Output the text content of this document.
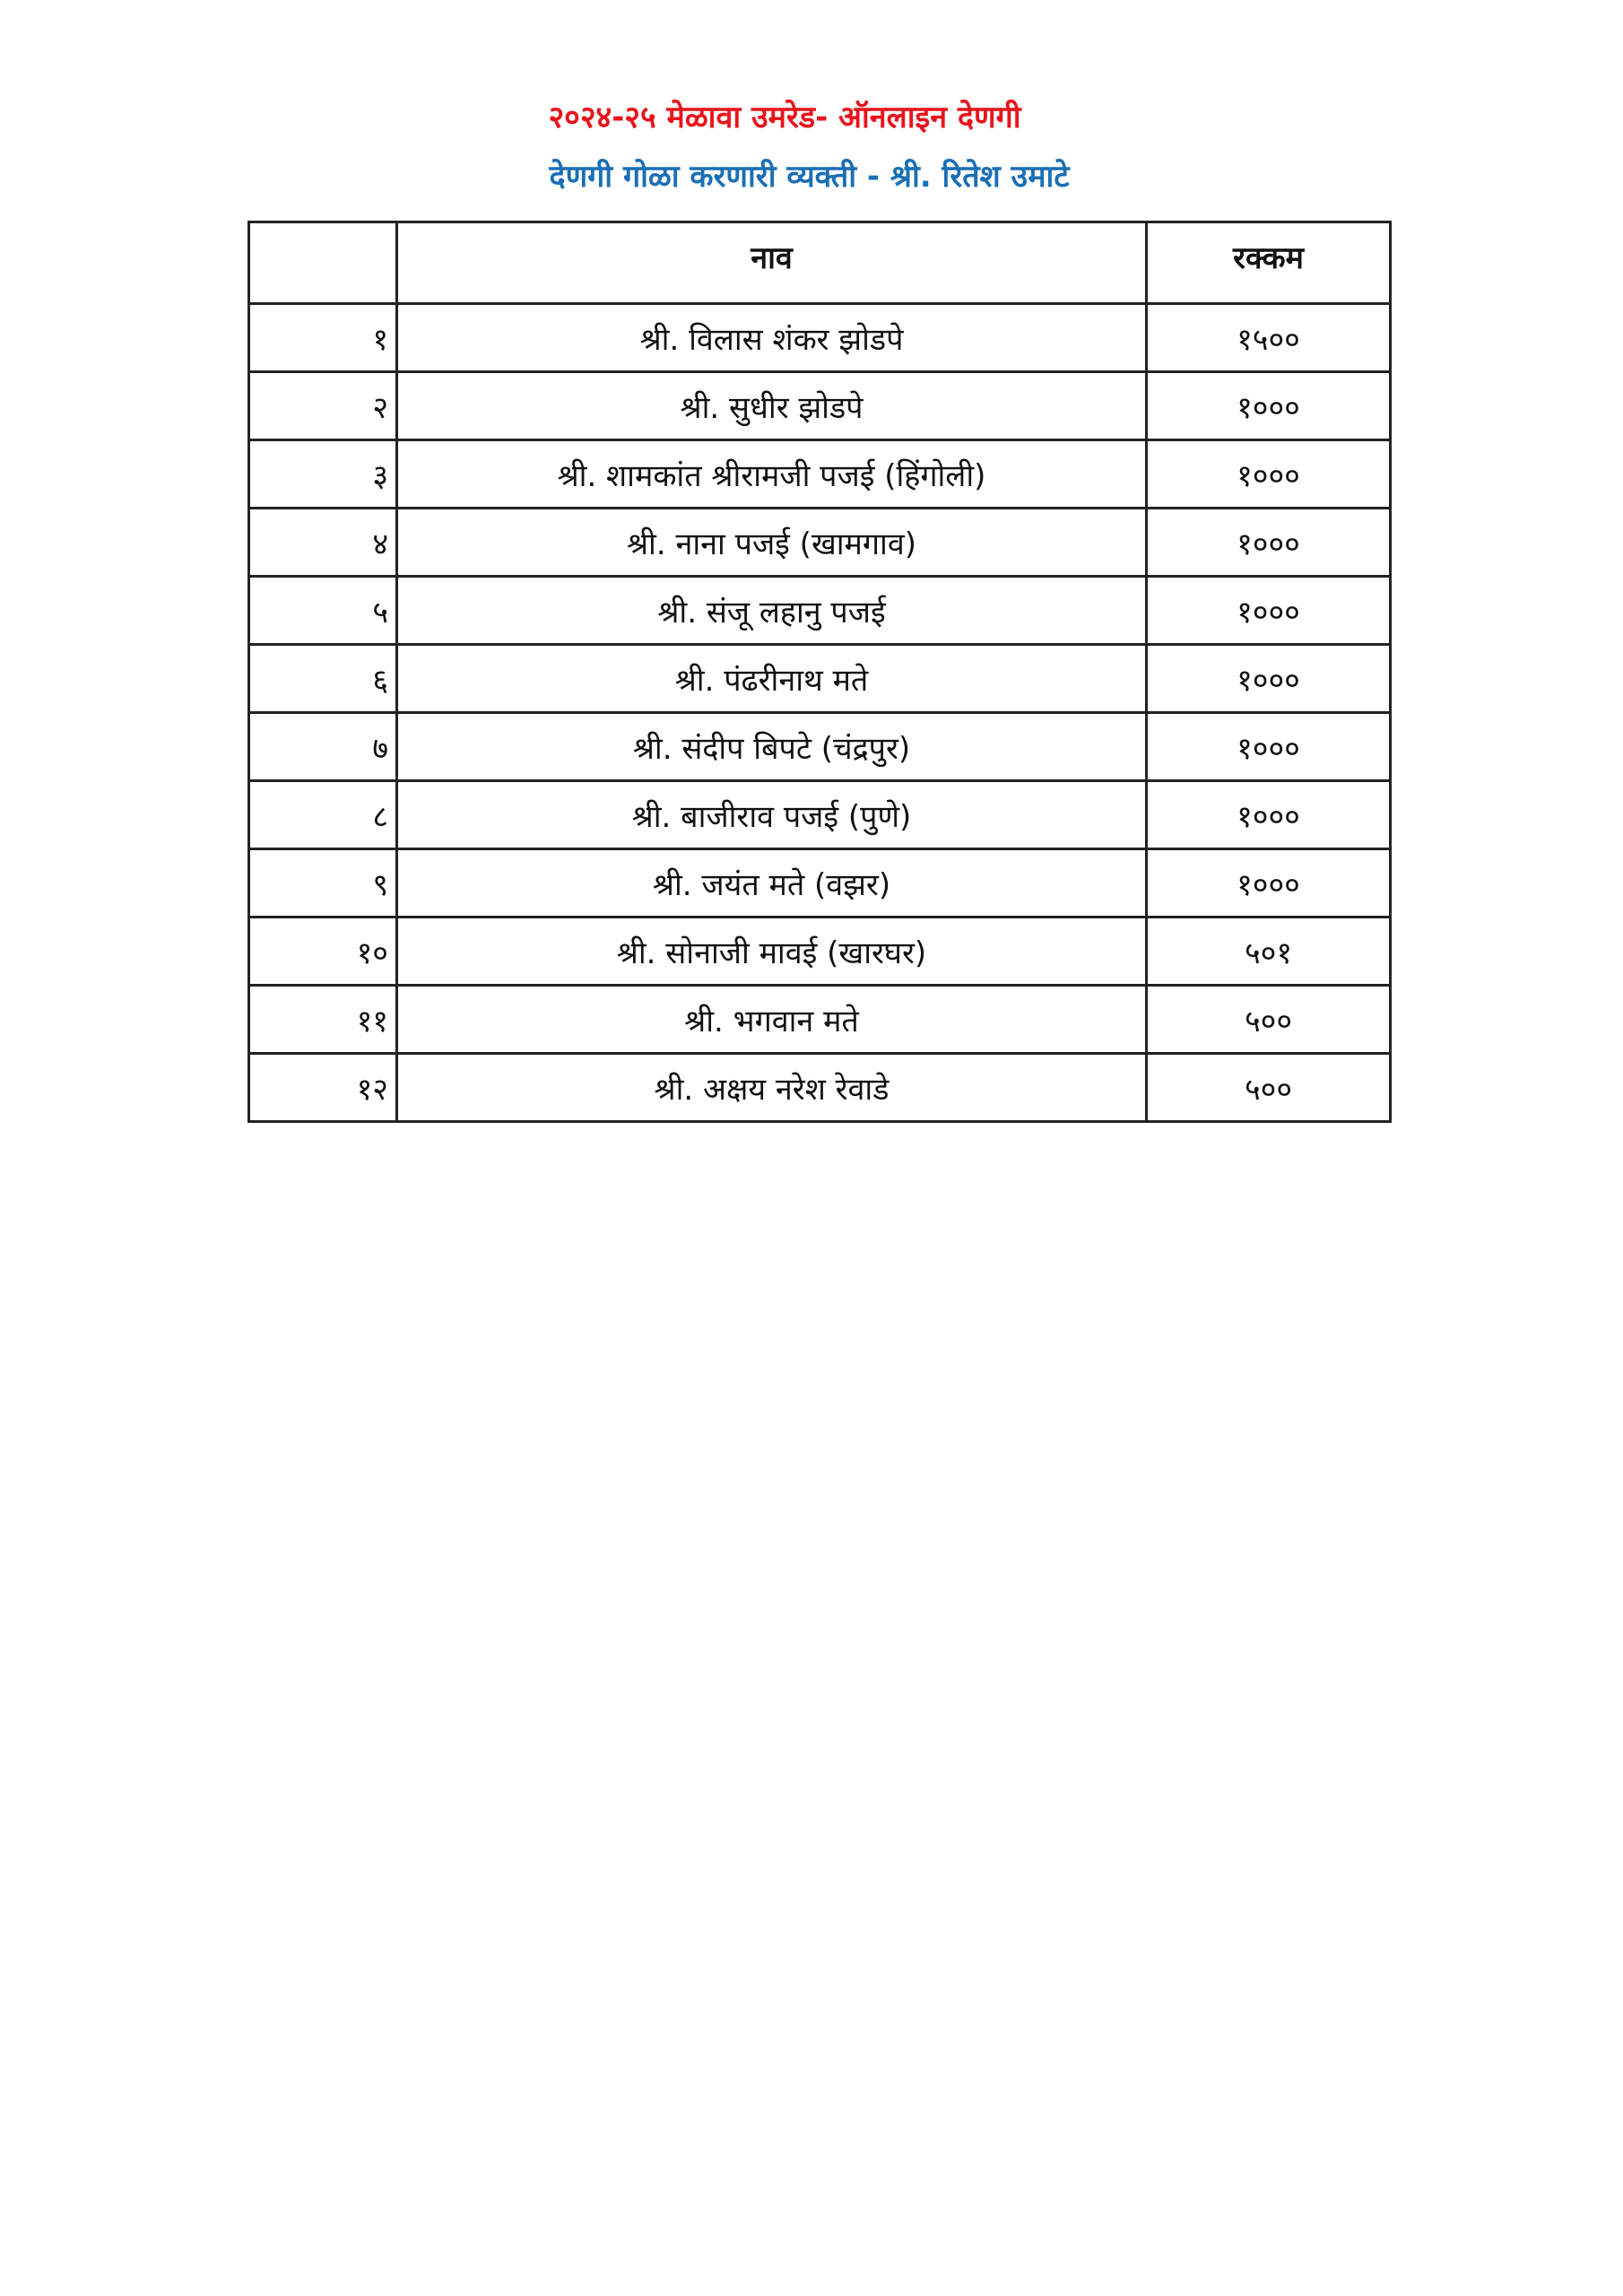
२०२४-२५ मेळावा उमरेड- ऑनलाइन देणगी
देणगी गोळा करणारी व्यक्ती - श्री. रितेश उमाटे
	नाव	रक्कम
१	श्री. विलास शंकर झोडपे	१५००
२	श्री. सुधीर झोडपे	१०००
३	श्री. शामकांत श्रीरामजी पजई (हिंगोली)	१०००
४	श्री. नाना पजई (खामगाव)	१०००
५	श्री. संजू लहानु पजई	१०००
६	श्री. पंढरीनाथ मते	१०००
७	श्री. संदीप बिपटे (चंद्रपुर)	१०००
८	श्री. बाजीराव पजई (पुणे)	१०००
९	श्री. जयंत मते (वझर)	१०००
१०	श्री. सोनाजी मावई (खारघर)	५०१
११	श्री. भगवान मते	५००
१२	श्री. अक्षय नरेश रेवाडे	५००
